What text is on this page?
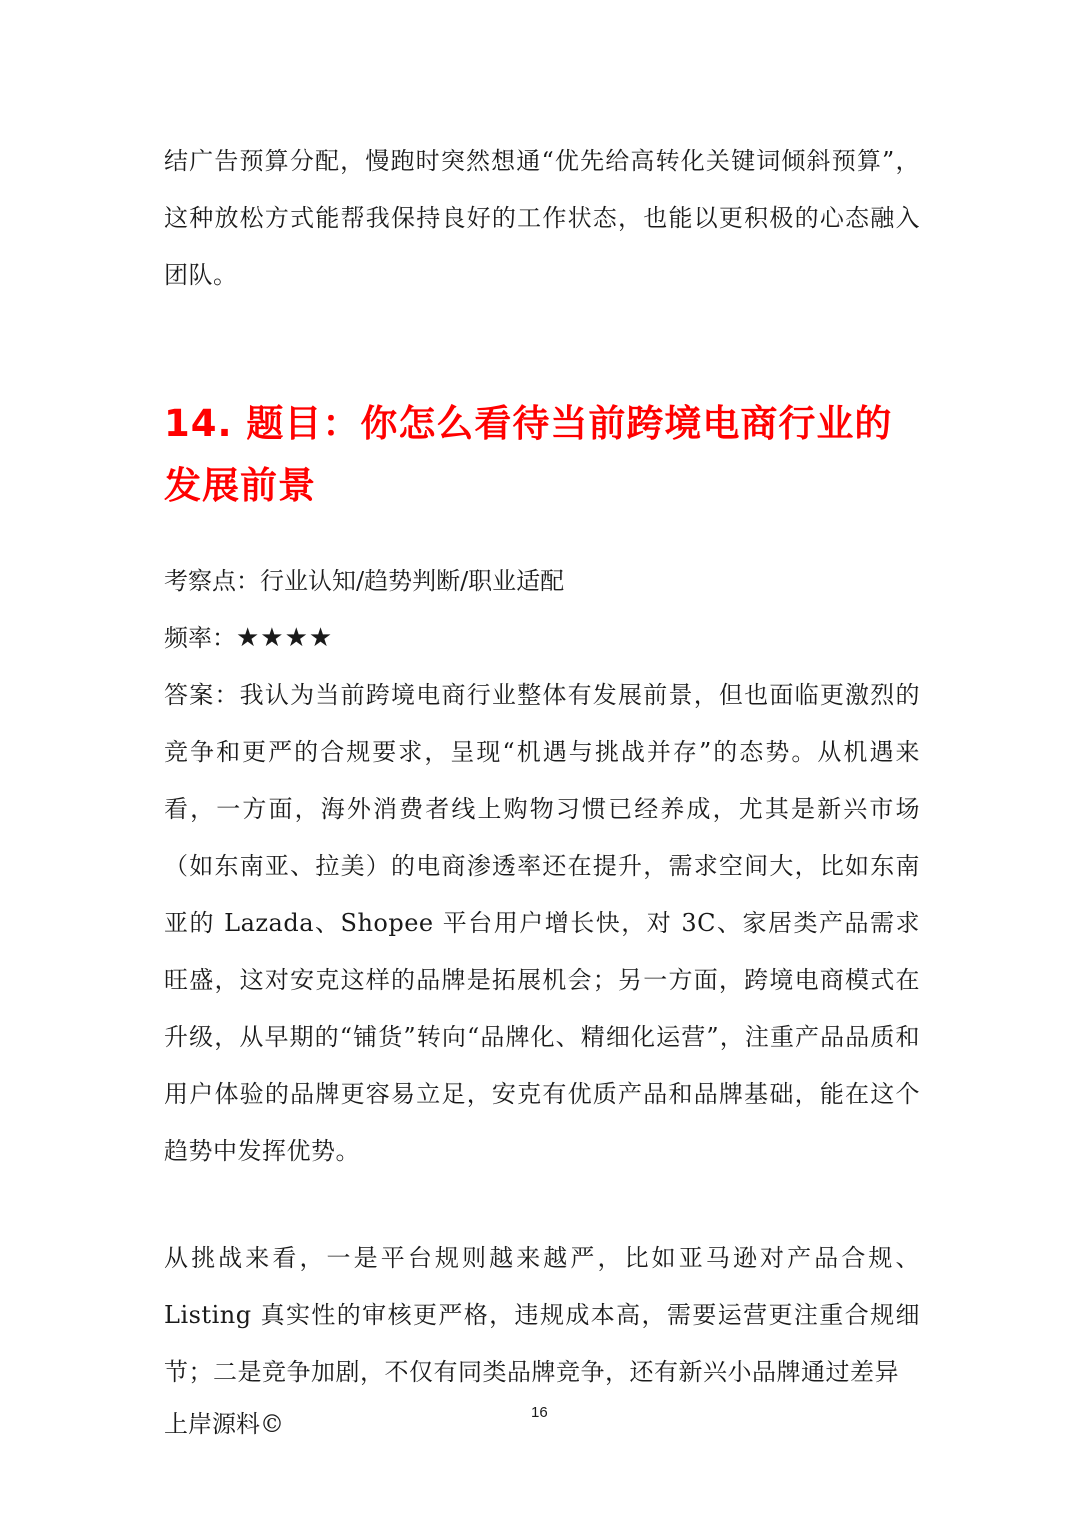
结广告预算分配，慢跑时突然想通“优先给高转化关键词倾斜预算”，这种放松方式能帮我保持良好的工作状态，也能以更积极的心态融入团队。
14. 题目：你怎么看待当前跨境电商行业的发展前景
考察点：行业认知/趋势判断/职业适配
频率：★★★★
答案：我认为当前跨境电商行业整体有发展前景，但也面临更激烈的竞争和更严的合规要求，呈现“机遇与挑战并存”的态势。从机遇来看，一方面，海外消费者线上购物习惯已经养成，尤其是新兴市场（如东南亚、拉美）的电商渗透率还在提升，需求空间大，比如东南亚的 Lazada、Shopee 平台用户增长快，对 3C、家居类产品需求旺盛，这对安克这样的品牌是拓展机会；另一方面，跨境电商模式在升级，从早期的“铺货”转向“品牌化、精细化运营”，注重产品品质和用户体验的品牌更容易立足，安克有优质产品和品牌基础，能在这个趋势中发挥优势。
从挑战来看，一是平台规则越来越严，比如亚马逊对产品合规、Listing 真实性的审核更严格，违规成本高，需要运营更注重合规细节；二是竞争加剧，不仅有同类品牌竞争，还有新兴小品牌通过差异
上岸源料©	16
